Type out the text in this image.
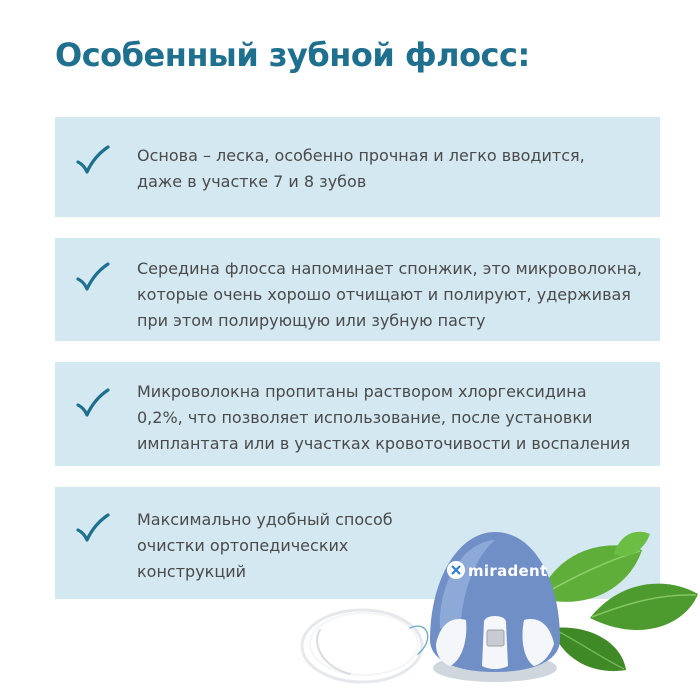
Особенный зубной флосс:
Основа – леска, особенно прочная и легко вводится,
даже в участке 7 и 8 зубов
Середина флосса напоминает спонжик, это микроволокна,
которые очень хорошо отчищают и полируют, удерживая
при этом полирующую или зубную пасту
Микроволокна пропитаны раствором хлоргексидина
0,2%, что позволяет использование, после установки
имплантата или в участках кровоточивости и воспаления
Максимально удобный способ
очистки ортопедических
конструкций	miradent
